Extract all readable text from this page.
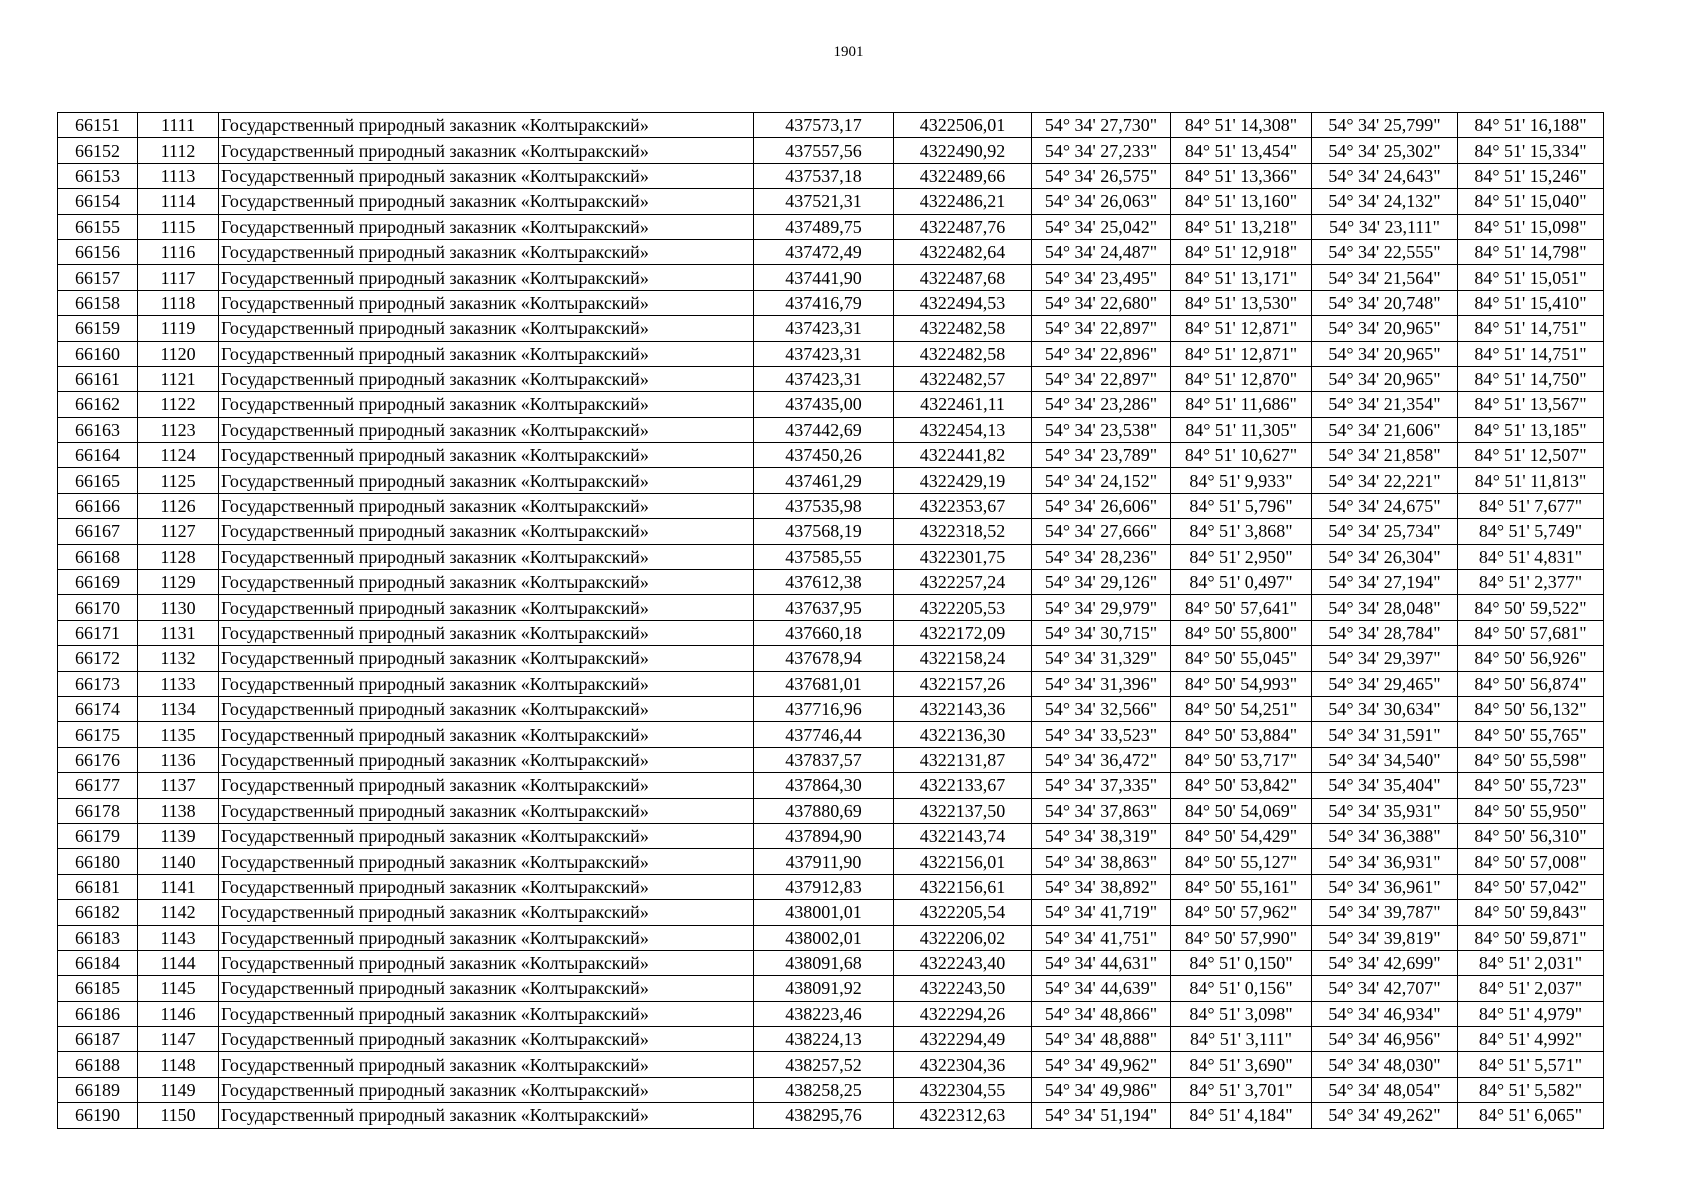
1901
66151	1111	Государственный природный заказник «Колтыракский»	437573,17	4322506,01	54° 34' 27,730"	84° 51' 14,308"	54° 34' 25,799"	84° 51' 16,188"
66152	1112	Государственный природный заказник «Колтыракский»	437557,56	4322490,92	54° 34' 27,233"	84° 51' 13,454"	54° 34' 25,302"	84° 51' 15,334"
66153	1113	Государственный природный заказник «Колтыракский»	437537,18	4322489,66	54° 34' 26,575"	84° 51' 13,366"	54° 34' 24,643"	84° 51' 15,246"
66154	1114	Государственный природный заказник «Колтыракский»	437521,31	4322486,21	54° 34' 26,063"	84° 51' 13,160"	54° 34' 24,132"	84° 51' 15,040"
66155	1115	Государственный природный заказник «Колтыракский»	437489,75	4322487,76	54° 34' 25,042"	84° 51' 13,218"	54° 34' 23,111"	84° 51' 15,098"
66156	1116	Государственный природный заказник «Колтыракский»	437472,49	4322482,64	54° 34' 24,487"	84° 51' 12,918"	54° 34' 22,555"	84° 51' 14,798"
66157	1117	Государственный природный заказник «Колтыракский»	437441,90	4322487,68	54° 34' 23,495"	84° 51' 13,171"	54° 34' 21,564"	84° 51' 15,051"
66158	1118	Государственный природный заказник «Колтыракский»	437416,79	4322494,53	54° 34' 22,680"	84° 51' 13,530"	54° 34' 20,748"	84° 51' 15,410"
66159	1119	Государственный природный заказник «Колтыракский»	437423,31	4322482,58	54° 34' 22,897"	84° 51' 12,871"	54° 34' 20,965"	84° 51' 14,751"
66160	1120	Государственный природный заказник «Колтыракский»	437423,31	4322482,58	54° 34' 22,896"	84° 51' 12,871"	54° 34' 20,965"	84° 51' 14,751"
66161	1121	Государственный природный заказник «Колтыракский»	437423,31	4322482,57	54° 34' 22,897"	84° 51' 12,870"	54° 34' 20,965"	84° 51' 14,750"
66162	1122	Государственный природный заказник «Колтыракский»	437435,00	4322461,11	54° 34' 23,286"	84° 51' 11,686"	54° 34' 21,354"	84° 51' 13,567"
66163	1123	Государственный природный заказник «Колтыракский»	437442,69	4322454,13	54° 34' 23,538"	84° 51' 11,305"	54° 34' 21,606"	84° 51' 13,185"
66164	1124	Государственный природный заказник «Колтыракский»	437450,26	4322441,82	54° 34' 23,789"	84° 51' 10,627"	54° 34' 21,858"	84° 51' 12,507"
66165	1125	Государственный природный заказник «Колтыракский»	437461,29	4322429,19	54° 34' 24,152"	84° 51' 9,933"	54° 34' 22,221"	84° 51' 11,813"
66166	1126	Государственный природный заказник «Колтыракский»	437535,98	4322353,67	54° 34' 26,606"	84° 51' 5,796"	54° 34' 24,675"	84° 51' 7,677"
66167	1127	Государственный природный заказник «Колтыракский»	437568,19	4322318,52	54° 34' 27,666"	84° 51' 3,868"	54° 34' 25,734"	84° 51' 5,749"
66168	1128	Государственный природный заказник «Колтыракский»	437585,55	4322301,75	54° 34' 28,236"	84° 51' 2,950"	54° 34' 26,304"	84° 51' 4,831"
66169	1129	Государственный природный заказник «Колтыракский»	437612,38	4322257,24	54° 34' 29,126"	84° 51' 0,497"	54° 34' 27,194"	84° 51' 2,377"
66170	1130	Государственный природный заказник «Колтыракский»	437637,95	4322205,53	54° 34' 29,979"	84° 50' 57,641"	54° 34' 28,048"	84° 50' 59,522"
66171	1131	Государственный природный заказник «Колтыракский»	437660,18	4322172,09	54° 34' 30,715"	84° 50' 55,800"	54° 34' 28,784"	84° 50' 57,681"
66172	1132	Государственный природный заказник «Колтыракский»	437678,94	4322158,24	54° 34' 31,329"	84° 50' 55,045"	54° 34' 29,397"	84° 50' 56,926"
66173	1133	Государственный природный заказник «Колтыракский»	437681,01	4322157,26	54° 34' 31,396"	84° 50' 54,993"	54° 34' 29,465"	84° 50' 56,874"
66174	1134	Государственный природный заказник «Колтыракский»	437716,96	4322143,36	54° 34' 32,566"	84° 50' 54,251"	54° 34' 30,634"	84° 50' 56,132"
66175	1135	Государственный природный заказник «Колтыракский»	437746,44	4322136,30	54° 34' 33,523"	84° 50' 53,884"	54° 34' 31,591"	84° 50' 55,765"
66176	1136	Государственный природный заказник «Колтыракский»	437837,57	4322131,87	54° 34' 36,472"	84° 50' 53,717"	54° 34' 34,540"	84° 50' 55,598"
66177	1137	Государственный природный заказник «Колтыракский»	437864,30	4322133,67	54° 34' 37,335"	84° 50' 53,842"	54° 34' 35,404"	84° 50' 55,723"
66178	1138	Государственный природный заказник «Колтыракский»	437880,69	4322137,50	54° 34' 37,863"	84° 50' 54,069"	54° 34' 35,931"	84° 50' 55,950"
66179	1139	Государственный природный заказник «Колтыракский»	437894,90	4322143,74	54° 34' 38,319"	84° 50' 54,429"	54° 34' 36,388"	84° 50' 56,310"
66180	1140	Государственный природный заказник «Колтыракский»	437911,90	4322156,01	54° 34' 38,863"	84° 50' 55,127"	54° 34' 36,931"	84° 50' 57,008"
66181	1141	Государственный природный заказник «Колтыракский»	437912,83	4322156,61	54° 34' 38,892"	84° 50' 55,161"	54° 34' 36,961"	84° 50' 57,042"
66182	1142	Государственный природный заказник «Колтыракский»	438001,01	4322205,54	54° 34' 41,719"	84° 50' 57,962"	54° 34' 39,787"	84° 50' 59,843"
66183	1143	Государственный природный заказник «Колтыракский»	438002,01	4322206,02	54° 34' 41,751"	84° 50' 57,990"	54° 34' 39,819"	84° 50' 59,871"
66184	1144	Государственный природный заказник «Колтыракский»	438091,68	4322243,40	54° 34' 44,631"	84° 51' 0,150"	54° 34' 42,699"	84° 51' 2,031"
66185	1145	Государственный природный заказник «Колтыракский»	438091,92	4322243,50	54° 34' 44,639"	84° 51' 0,156"	54° 34' 42,707"	84° 51' 2,037"
66186	1146	Государственный природный заказник «Колтыракский»	438223,46	4322294,26	54° 34' 48,866"	84° 51' 3,098"	54° 34' 46,934"	84° 51' 4,979"
66187	1147	Государственный природный заказник «Колтыракский»	438224,13	4322294,49	54° 34' 48,888"	84° 51' 3,111"	54° 34' 46,956"	84° 51' 4,992"
66188	1148	Государственный природный заказник «Колтыракский»	438257,52	4322304,36	54° 34' 49,962"	84° 51' 3,690"	54° 34' 48,030"	84° 51' 5,571"
66189	1149	Государственный природный заказник «Колтыракский»	438258,25	4322304,55	54° 34' 49,986"	84° 51' 3,701"	54° 34' 48,054"	84° 51' 5,582"
66190	1150	Государственный природный заказник «Колтыракский»	438295,76	4322312,63	54° 34' 51,194"	84° 51' 4,184"	54° 34' 49,262"	84° 51' 6,065"
